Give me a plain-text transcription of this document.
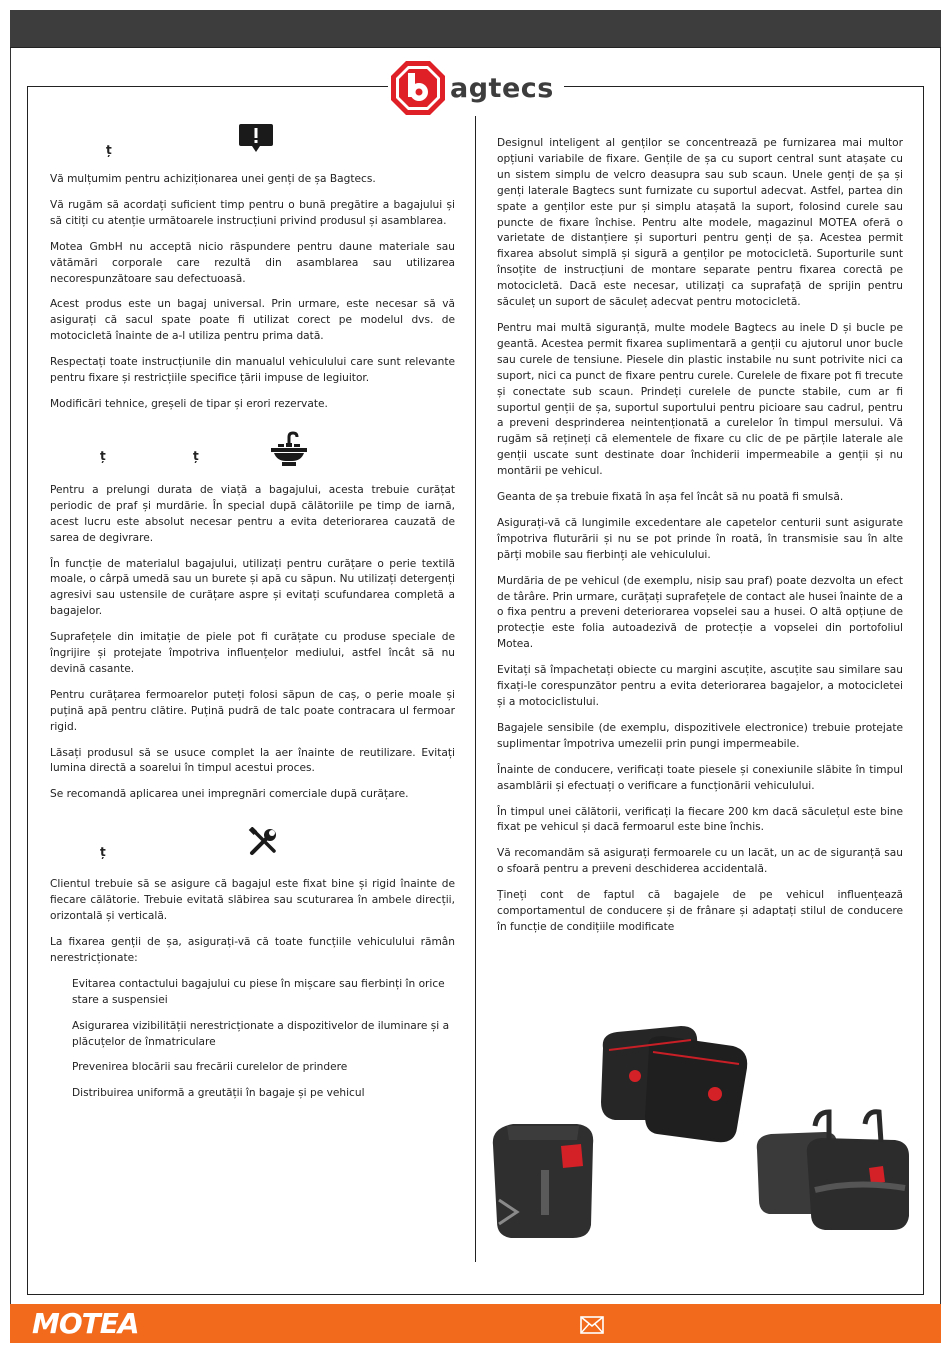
agtecs
ț

Vă mulțumim pentru achiziționarea unei genți de șa Bagtecs.

Vă rugăm să acordați suficient timp pentru o bună pregătire a bagajului și să citiți cu atenție următoarele instrucțiuni privind produsul și asamblarea.

Motea GmbH nu acceptă nicio răspundere pentru daune materiale sau vătămări corporale care rezultă din asamblarea sau utilizarea necorespunzătoare sau defectuoasă.

Acest produs este un bagaj universal. Prin urmare, este necesar să vă asigurați că sacul spate poate fi utilizat corect pe modelul dvs. de motocicletă înainte de a-l utiliza pentru prima dată.

Respectați toate instrucțiunile din manualul vehiculului care sunt relevante pentru fixare și restricțiile specifice țării impuse de legiuitor.

Modificări tehnice, greșeli de tipar și erori rezervate.

ț	ț

Pentru a prelungi durata de viață a bagajului, acesta trebuie curățat periodic de praf și murdărie. În special după călătoriile pe timp de iarnă, acest lucru este absolut necesar pentru a evita deteriorarea cauzată de sarea de degivrare.

În funcție de materialul bagajului, utilizați pentru curățare o perie textilă moale, o cârpă umedă sau un burete și apă cu săpun. Nu utilizați detergenți agresivi sau ustensile de curățare aspre și evitați scufundarea completă a bagajelor.

Suprafețele din imitație de piele pot fi curățate cu produse speciale de îngrijire și protejate împotriva influențelor mediului, astfel încât să nu devină casante.

Pentru curățarea fermoarelor puteți folosi săpun de caș, o perie moale și puțină apă pentru clătire. Puțină pudră de talc poate contracara ul fermoar rigid.

Lăsați produsul să se usuce complet la aer înainte de reutilizare. Evitați lumina directă a soarelui în timpul acestui proces.

Se recomandă aplicarea unei impregnări comerciale după curățare.

ț

Clientul trebuie să se asigure că bagajul este fixat bine și rigid înainte de fiecare călătorie. Trebuie evitată slăbirea sau scuturarea în ambele direcții, orizontală și verticală.

La fixarea genții de șa, asigurați-vă că toate funcțiile vehiculului rămân nerestricționate:

Evitarea contactului bagajului cu piese în mișcare sau fierbinți în orice stare a suspensiei
Asigurarea vizibilității nerestricționate a dispozitivelor de iluminare și a plăcuțelor de înmatriculare
Prevenirea blocării sau frecării curelelor de prindere
Distribuirea uniformă a greutății în bagaje și pe vehicul

Designul inteligent al genților se concentrează pe furnizarea mai multor opțiuni variabile de fixare. Gențile de șa cu suport central sunt atașate cu un sistem simplu de velcro deasupra sau sub scaun. Unele genți de șa și genți laterale Bagtecs sunt furnizate cu suportul adecvat. Astfel, partea din spate a genților este pur și simplu atașată la suport, folosind curele sau puncte de fixare închise. Pentru alte modele, magazinul MOTEA oferă o varietate de distanțiere și suporturi pentru genți de șa. Acestea permit fixarea absolut simplă și sigură a genților pe motocicletă. Suporturile sunt însoțite de instrucțiuni de montare separate pentru fixarea corectă pe motocicletă. Dacă este necesar, utilizați ca suprafață de sprijin pentru săculeț un suport de săculeț adecvat pentru motocicletă.

Pentru mai multă siguranță, multe modele Bagtecs au inele D și bucle pe geantă. Acestea permit fixarea suplimentară a genții cu ajutorul unor bucle sau curele de tensiune. Piesele din plastic instabile nu sunt potrivite nici ca suport, nici ca punct de fixare pentru curele. Curelele de fixare pot fi trecute și conectate sub scaun. Prindeți curelele de puncte stabile, cum ar fi suportul genții de șa, suportul suportului pentru picioare sau cadrul, pentru a preveni desprinderea neintenționată a curelelor în timpul mersului. Vă rugăm să rețineți că elementele de fixare cu clic de pe părțile laterale ale genții uscate sunt destinate doar închiderii impermeabile a genții și nu montării pe vehicul.

Geanta de șa trebuie fixată în așa fel încât să nu poată fi smulsă.

Asigurați-vă că lungimile excedentare ale capetelor centurii sunt asigurate împotriva fluturării și nu se pot prinde în roată, în transmisie sau în alte părți mobile sau fierbinți ale vehiculului.

Murdăria de pe vehicul (de exemplu, nisip sau praf) poate dezvolta un efect de târâre. Prin urmare, curățați suprafețele de contact ale husei înainte de a o fixa pentru a preveni deteriorarea vopselei sau a husei. O altă opțiune de protecție este folia autoadezivă de protecție a vopselei din portofoliul Motea.

Evitați să împachetați obiecte cu margini ascuțite, ascuțite sau similare sau fixați-le corespunzător pentru a evita deteriorarea bagajelor, a motocicletei și a motociclistului.

Bagajele sensibile (de exemplu, dispozitivele electronice) trebuie protejate suplimentar împotriva umezelii prin pungi impermeabile.

Înainte de conducere, verificați toate piesele și conexiunile slăbite în timpul asamblării și efectuați o verificare a funcționării vehiculului.

În timpul unei călătorii, verificați la fiecare 200 km dacă săculețul este bine fixat pe vehicul și dacă fermoarul este bine închis.

Vă recomandăm să asigurați fermoarele cu un lacăt, un ac de siguranță sau o sfoară pentru a preveni deschiderea accidentală.

Țineți cont de faptul că bagajele de pe vehicul influențează comportamentul de conducere și de frânare și adaptați stilul de conducere în funcție de condițiile modificate

MOTEA
